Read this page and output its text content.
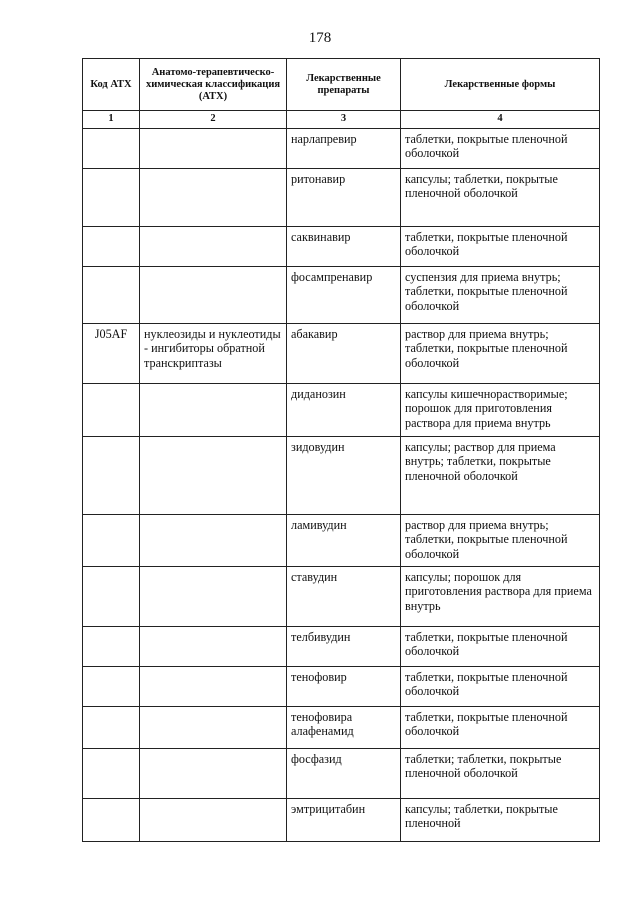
178
Код АТХ	Анатомо-терапевтическо-химическая классификация (АТХ)	Лекарственные препараты	Лекарственные формы
1	2	3	4
		нарлапревир	таблетки, покрытые пленочной оболочкой
		ритонавир	капсулы; таблетки, покрытые пленочной оболочкой
		саквинавир	таблетки, покрытые пленочной оболочкой
		фосампренавир	суспензия для приема внутрь; таблетки, покрытые пленочной оболочкой
J05AF	нуклеозиды и нуклеотиды - ингибиторы обратной транскриптазы	абакавир	раствор для приема внутрь; таблетки, покрытые пленочной оболочкой
		диданозин	капсулы кишечнорастворимые; порошок для приготовления раствора для приема внутрь
		зидовудин	капсулы; раствор для приема внутрь; таблетки, покрытые пленочной оболочкой
		ламивудин	раствор для приема внутрь; таблетки, покрытые пленочной оболочкой
		ставудин	капсулы; порошок для приготовления раствора для приема внутрь
		телбивудин	таблетки, покрытые пленочной оболочкой
		тенофовир	таблетки, покрытые пленочной оболочкой
		тенофовира алафенамид	таблетки, покрытые пленочной оболочкой
		фосфазид	таблетки; таблетки, покрытые пленочной оболочкой
		эмтрицитабин	капсулы; таблетки, покрытые пленочной
